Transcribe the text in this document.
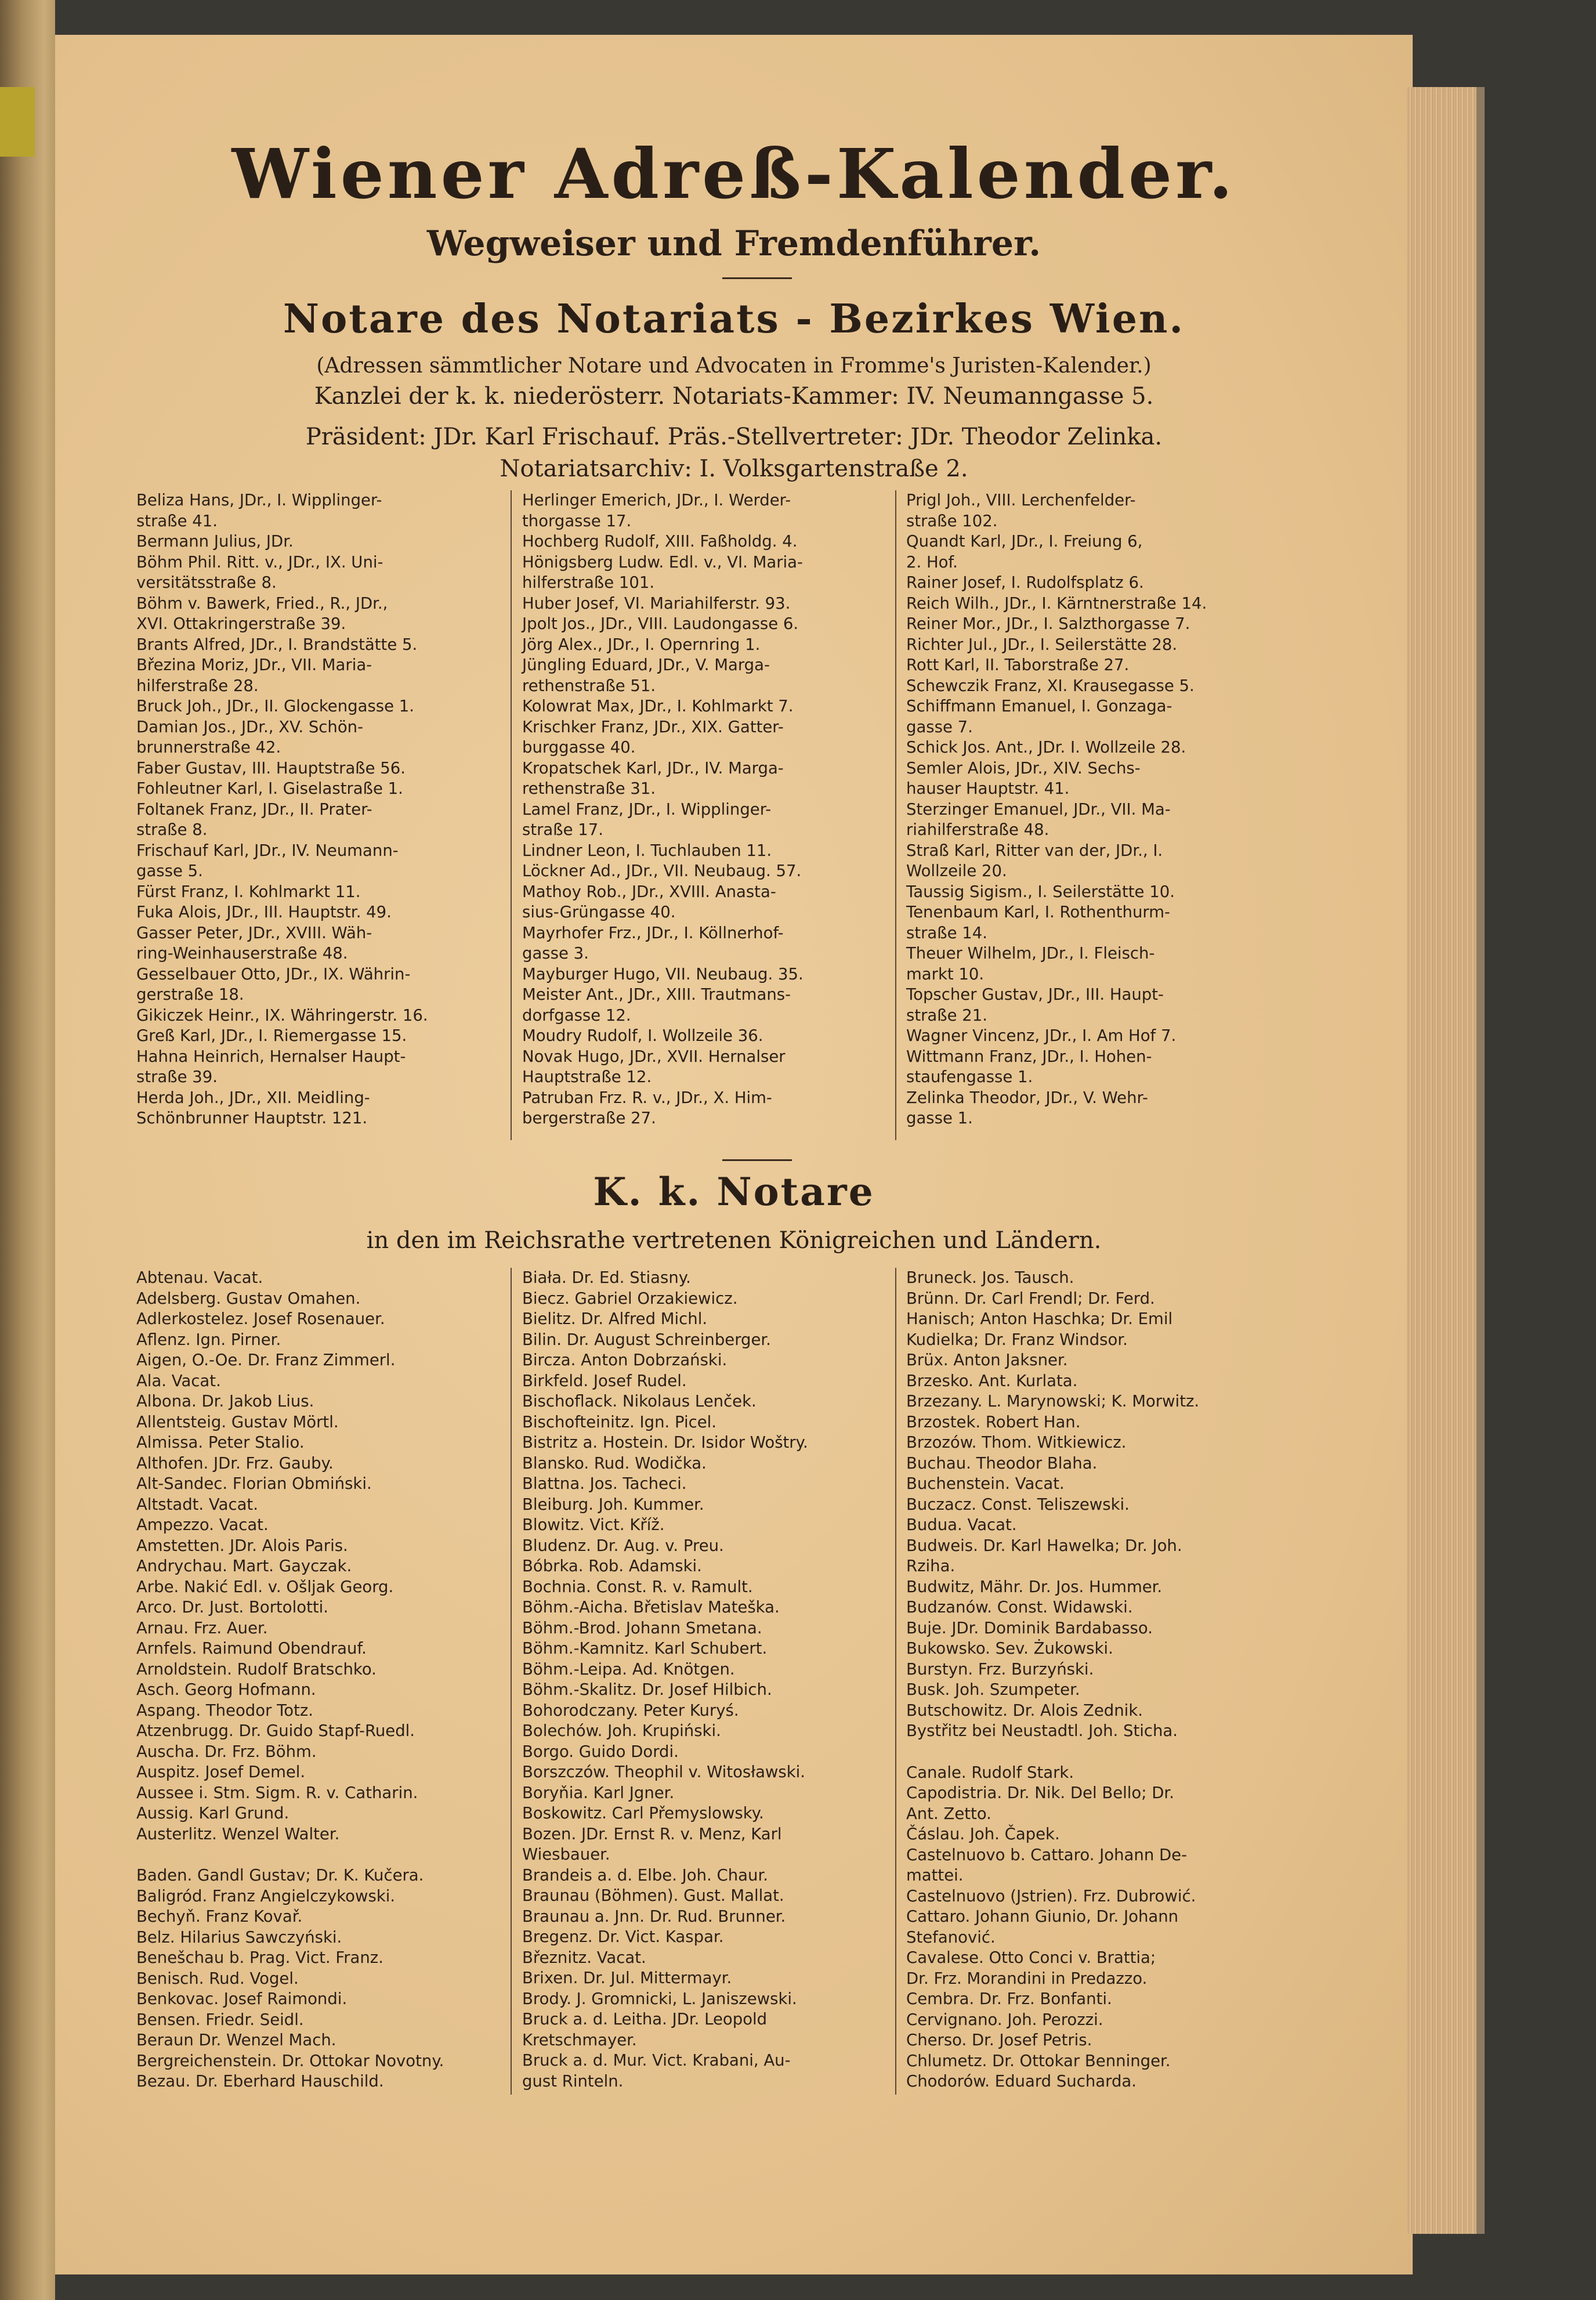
Wiener Adreß-Kalender.
Wegweiser und Fremdenführer.
Notare des Notariats - Bezirkes Wien.
(Adressen sämmtlicher Notare und Advocaten in Fromme's Juristen-Kalender.)
Kanzlei der k. k. niederösterr. Notariats-Kammer: IV. Neumanngasse 5.
Präsident: JDr. Karl Frischauf. Präs.-Stellvertreter: JDr. Theodor Zelinka.
Notariatsarchiv: I. Volksgartenstraße 2.
Beliza Hans, JDr., I. Wipplinger-
straße 41.
Bermann Julius, JDr.
Böhm Phil. Ritt. v., JDr., IX. Uni-
versitätsstraße 8.
Böhm v. Bawerk, Fried., R., JDr.,
XVI. Ottakringerstraße 39.
Brants Alfred, JDr., I. Brandstätte 5.
Březina Moriz, JDr., VII. Maria-
hilferstraße 28.
Bruck Joh., JDr., II. Glockengasse 1.
Damian Jos., JDr., XV. Schön-
brunnerstraße 42.
Faber Gustav, III. Hauptstraße 56.
Fohleutner Karl, I. Giselastraße 1.
Foltanek Franz, JDr., II. Prater-
straße 8.
Frischauf Karl, JDr., IV. Neumann-
gasse 5.
Fürst Franz, I. Kohlmarkt 11.
Fuka Alois, JDr., III. Hauptstr. 49.
Gasser Peter, JDr., XVIII. Wäh-
ring-Weinhauserstraße 48.
Gesselbauer Otto, JDr., IX. Währin-
gerstraße 18.
Gikiczek Heinr., IX. Währingerstr. 16.
Greß Karl, JDr., I. Riemergasse 15.
Hahna Heinrich, Hernalser Haupt-
straße 39.
Herda Joh., JDr., XII. Meidling-
Schönbrunner Hauptstr. 121.
Herlinger Emerich, JDr., I. Werder-
thorgasse 17.
Hochberg Rudolf, XIII. Faßholdg. 4.
Hönigsberg Ludw. Edl. v., VI. Maria-
hilferstraße 101.
Huber Josef, VI. Mariahilferstr. 93.
Jpolt Jos., JDr., VIII. Laudongasse 6.
Jörg Alex., JDr., I. Opernring 1.
Jüngling Eduard, JDr., V. Marga-
rethenstraße 51.
Kolowrat Max, JDr., I. Kohlmarkt 7.
Krischker Franz, JDr., XIX. Gatter-
burggasse 40.
Kropatschek Karl, JDr., IV. Marga-
rethenstraße 31.
Lamel Franz, JDr., I. Wipplinger-
straße 17.
Lindner Leon, I. Tuchlauben 11.
Löckner Ad., JDr., VII. Neubaug. 57.
Mathoy Rob., JDr., XVIII. Anasta-
sius-Grüngasse 40.
Mayrhofer Frz., JDr., I. Köllnerhof-
gasse 3.
Mayburger Hugo, VII. Neubaug. 35.
Meister Ant., JDr., XIII. Trautmans-
dorfgasse 12.
Moudry Rudolf, I. Wollzeile 36.
Novak Hugo, JDr., XVII. Hernalser
Hauptstraße 12.
Patruban Frz. R. v., JDr., X. Him-
bergerstraße 27.
Prigl Joh., VIII. Lerchenfelder-
straße 102.
Quandt Karl, JDr., I. Freiung 6,
2. Hof.
Rainer Josef, I. Rudolfsplatz 6.
Reich Wilh., JDr., I. Kärntnerstraße 14.
Reiner Mor., JDr., I. Salzthorgasse 7.
Richter Jul., JDr., I. Seilerstätte 28.
Rott Karl, II. Taborstraße 27.
Schewczik Franz, XI. Krausegasse 5.
Schiffmann Emanuel, I. Gonzaga-
gasse 7.
Schick Jos. Ant., JDr. I. Wollzeile 28.
Semler Alois, JDr., XIV. Sechs-
hauser Hauptstr. 41.
Sterzinger Emanuel, JDr., VII. Ma-
riahilferstraße 48.
Straß Karl, Ritter van der, JDr., I.
Wollzeile 20.
Taussig Sigism., I. Seilerstätte 10.
Tenenbaum Karl, I. Rothenthurm-
straße 14.
Theuer Wilhelm, JDr., I. Fleisch-
markt 10.
Topscher Gustav, JDr., III. Haupt-
straße 21.
Wagner Vincenz, JDr., I. Am Hof 7.
Wittmann Franz, JDr., I. Hohen-
staufengasse 1.
Zelinka Theodor, JDr., V. Wehr-
gasse 1.
K. k. Notare
in den im Reichsrathe vertretenen Königreichen und Ländern.
Abtenau. Vacat.
Adelsberg. Gustav Omahen.
Adlerkostelez. Josef Rosenauer.
Aflenz. Ign. Pirner.
Aigen, O.-Oe. Dr. Franz Zimmerl.
Ala. Vacat.
Albona. Dr. Jakob Lius.
Allentsteig. Gustav Mörtl.
Almissa. Peter Stalio.
Althofen. JDr. Frz. Gauby.
Alt-Sandec. Florian Obmiński.
Altstadt. Vacat.
Ampezzo. Vacat.
Amstetten. JDr. Alois Paris.
Andrychau. Mart. Gayczak.
Arbe. Nakić Edl. v. Ošljak Georg.
Arco. Dr. Just. Bortolotti.
Arnau. Frz. Auer.
Arnfels. Raimund Obendrauf.
Arnoldstein. Rudolf Bratschko.
Asch. Georg Hofmann.
Aspang. Theodor Totz.
Atzenbrugg. Dr. Guido Stapf-Ruedl.
Auscha. Dr. Frz. Böhm.
Auspitz. Josef Demel.
Aussee i. Stm. Sigm. R. v. Catharin.
Aussig. Karl Grund.
Austerlitz. Wenzel Walter.
Baden. Gandl Gustav; Dr. K. Kučera.
Baligród. Franz Angielczykowski.
Bechyň. Franz Kovař.
Belz. Hilarius Sawczyński.
Benešchau b. Prag. Vict. Franz.
Benisch. Rud. Vogel.
Benkovac. Josef Raimondi.
Bensen. Friedr. Seidl.
Beraun Dr. Wenzel Mach.
Bergreichenstein. Dr. Ottokar Novotny.
Bezau. Dr. Eberhard Hauschild.
Biała. Dr. Ed. Stiasny.
Biecz. Gabriel Orzakiewicz.
Bielitz. Dr. Alfred Michl.
Bilin. Dr. August Schreinberger.
Bircza. Anton Dobrzański.
Birkfeld. Josef Rudel.
Bischoflack. Nikolaus Lenček.
Bischofteinitz. Ign. Picel.
Bistritz a. Hostein. Dr. Isidor Woštry.
Blansko. Rud. Wodička.
Blattna. Jos. Tacheci.
Bleiburg. Joh. Kummer.
Blowitz. Vict. Kříž.
Bludenz. Dr. Aug. v. Preu.
Bóbrka. Rob. Adamski.
Bochnia. Const. R. v. Ramult.
Böhm.-Aicha. Břetislav Mateška.
Böhm.-Brod. Johann Smetana.
Böhm.-Kamnitz. Karl Schubert.
Böhm.-Leipa. Ad. Knötgen.
Böhm.-Skalitz. Dr. Josef Hilbich.
Bohorodczany. Peter Kuryś.
Bolechów. Joh. Krupiński.
Borgo. Guido Dordi.
Borszczów. Theophil v. Witosławski.
Boryňia. Karl Jgner.
Boskowitz. Carl Přemyslowsky.
Bozen. JDr. Ernst R. v. Menz, Karl
Wiesbauer.
Brandeis a. d. Elbe. Joh. Chaur.
Braunau (Böhmen). Gust. Mallat.
Braunau a. Jnn. Dr. Rud. Brunner.
Bregenz. Dr. Vict. Kaspar.
Březnitz. Vacat.
Brixen. Dr. Jul. Mittermayr.
Brody. J. Gromnicki, L. Janiszewski.
Bruck a. d. Leitha. JDr. Leopold
Kretschmayer.
Bruck a. d. Mur. Vict. Krabani, Au-
gust Rinteln.
Bruneck. Jos. Tausch.
Brünn. Dr. Carl Frendl; Dr. Ferd.
Hanisch; Anton Haschka; Dr. Emil
Kudielka; Dr. Franz Windsor.
Brüx. Anton Jaksner.
Brzesko. Ant. Kurlata.
Brzezany. L. Marynowski; K. Morwitz.
Brzostek. Robert Han.
Brzozów. Thom. Witkiewicz.
Buchau. Theodor Blaha.
Buchenstein. Vacat.
Buczacz. Const. Teliszewski.
Budua. Vacat.
Budweis. Dr. Karl Hawelka; Dr. Joh.
Rziha.
Budwitz, Mähr. Dr. Jos. Hummer.
Budzanów. Const. Widawski.
Buje. JDr. Dominik Bardabasso.
Bukowsko. Sev. Żukowski.
Burstyn. Frz. Burzyński.
Busk. Joh. Szumpeter.
Butschowitz. Dr. Alois Zednik.
Bystřitz bei Neustadtl. Joh. Sticha.
Canale. Rudolf Stark.
Capodistria. Dr. Nik. Del Bello; Dr.
Ant. Zetto.
Čáslau. Joh. Čapek.
Castelnuovo b. Cattaro. Johann De-
mattei.
Castelnuovo (Jstrien). Frz. Dubrowić.
Cattaro. Johann Giunio, Dr. Johann
Stefanović.
Cavalese. Otto Conci v. Brattia;
Dr. Frz. Morandini in Predazzo.
Cembra. Dr. Frz. Bonfanti.
Cervignano. Joh. Perozzi.
Cherso. Dr. Josef Petris.
Chlumetz. Dr. Ottokar Benninger.
Chodorów. Eduard Sucharda.
